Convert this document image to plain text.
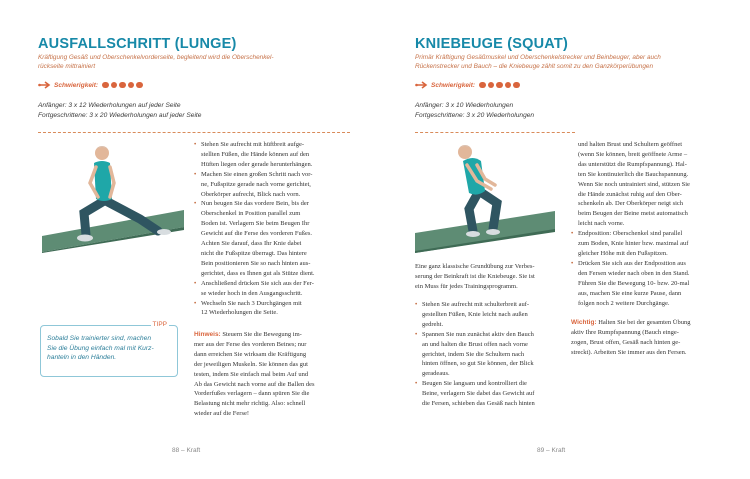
AUSFALLSCHRITT (LUNGE)
Kräftigung Gesäß und Oberschenkelvorderseite, begleitend wird die Oberschenkel-
rückseite mittrainiert
Schwierigkeit:
Anfänger: 3 x 12 Wiederholungen auf jeder Seite
Fortgeschrittene: 3 x 20 Wiederholungen auf jeder Seite
• Stehen Sie aufrecht mit hüftbreit aufge-
stellten Füßen, die Hände können auf den
Hüften liegen oder gerade herunterhängen.
• Machen Sie einen großen Schritt nach vor-
ne, Fußspitze gerade nach vorne gerichtet,
Oberkörper aufrecht, Blick nach vorn.
• Nun beugen Sie das vordere Bein, bis der
Oberschenkel in Position parallel zum
Boden ist. Verlagern Sie beim Beugen Ihr
Gewicht auf die Ferse des vorderen Fußes.
Achten Sie darauf, dass Ihr Knie dabei
nicht die Fußspitze überragt. Das hintere
Bein positionieren Sie so nach hinten aus-
gerichtet, dass es Ihnen gut als Stütze dient.
• Anschließend drücken Sie sich aus der Fer-
se wieder hoch in den Ausgangsschritt.
• Wechseln Sie nach 3 Durchgängen mit
12 Wiederholungen die Seite.
Hinweis: Steuern Sie die Bewegung im-
mer aus der Ferse des vorderen Beines; nur
dann erreichen Sie wirksam die Kräftigung
der jeweiligen Muskeln. Sie können das gut
testen, indem Sie einfach mal beim Auf und
Ab das Gewicht nach vorne auf die Ballen des
Vorderfußes verlagern – dann spüren Sie die
Belastung nicht mehr richtig. Also: schnell
wieder auf die Ferse!
TIPP
Sobald Sie trainierter sind, machen
Sie die Übung einfach mal mit Kurz-
hanteln in den Händen.
88 – Kraft
KNIEBEUGE (SQUAT)
Primär Kräftigung Gesäßmuskel und Oberschenkelstrecker und Beinbeuger, aber auch
Rückenstrecker und Bauch – die Kniebeuge zählt somit zu den Ganzkörperübungen
Schwierigkeit:
Anfänger: 3 x 10 Wiederholungen
Fortgeschrittene: 3 x 20 Wiederholungen
Eine ganz klassische Grundübung zur Verbes-
serung der Beinkraft ist die Kniebeuge. Sie ist
ein Muss für jedes Trainingsprogramm.
• Stehen Sie aufrecht mit schulterbreit auf-
gestellten Füßen, Knie leicht nach außen
gedreht.
• Spannen Sie nun zunächst aktiv den Bauch
an und halten die Brust offen nach vorne
gerichtet, indem Sie die Schultern nach
hinten öffnen, so gut Sie können, der Blick
geradeaus.
• Beugen Sie langsam und kontrolliert die
Beine, verlagern Sie dabei das Gewicht auf
die Fersen, schieben das Gesäß nach hinten
und halten Brust und Schultern geöffnet
(wenn Sie können, breit geöffnete Arme –
das unterstützt die Rumpfspannung). Hal-
ten Sie kontinuierlich die Bauchspannung.
Wenn Sie noch untrainiert sind, stützen Sie
die Hände zunächst ruhig auf den Ober-
schenkeln ab. Der Oberkörper neigt sich
beim Beugen der Beine meist automatisch
leicht nach vorne.
• Endposition: Oberschenkel sind parallel
zum Boden, Knie hinter bzw. maximal auf
gleicher Höhe mit den Fußspitzen.
• Drücken Sie sich aus der Endposition aus
den Fersen wieder nach oben in den Stand.
Führen Sie die Bewegung 10- bzw. 20-mal
aus, machen Sie eine kurze Pause, dann
folgen noch 2 weitere Durchgänge.
Wichtig: Halten Sie bei der gesamten Übung
aktiv Ihre Rumpfspannung (Bauch einge-
zogen, Brust offen, Gesäß nach hinten ge-
streckt). Arbeiten Sie immer aus den Fersen.
89 – Kraft
